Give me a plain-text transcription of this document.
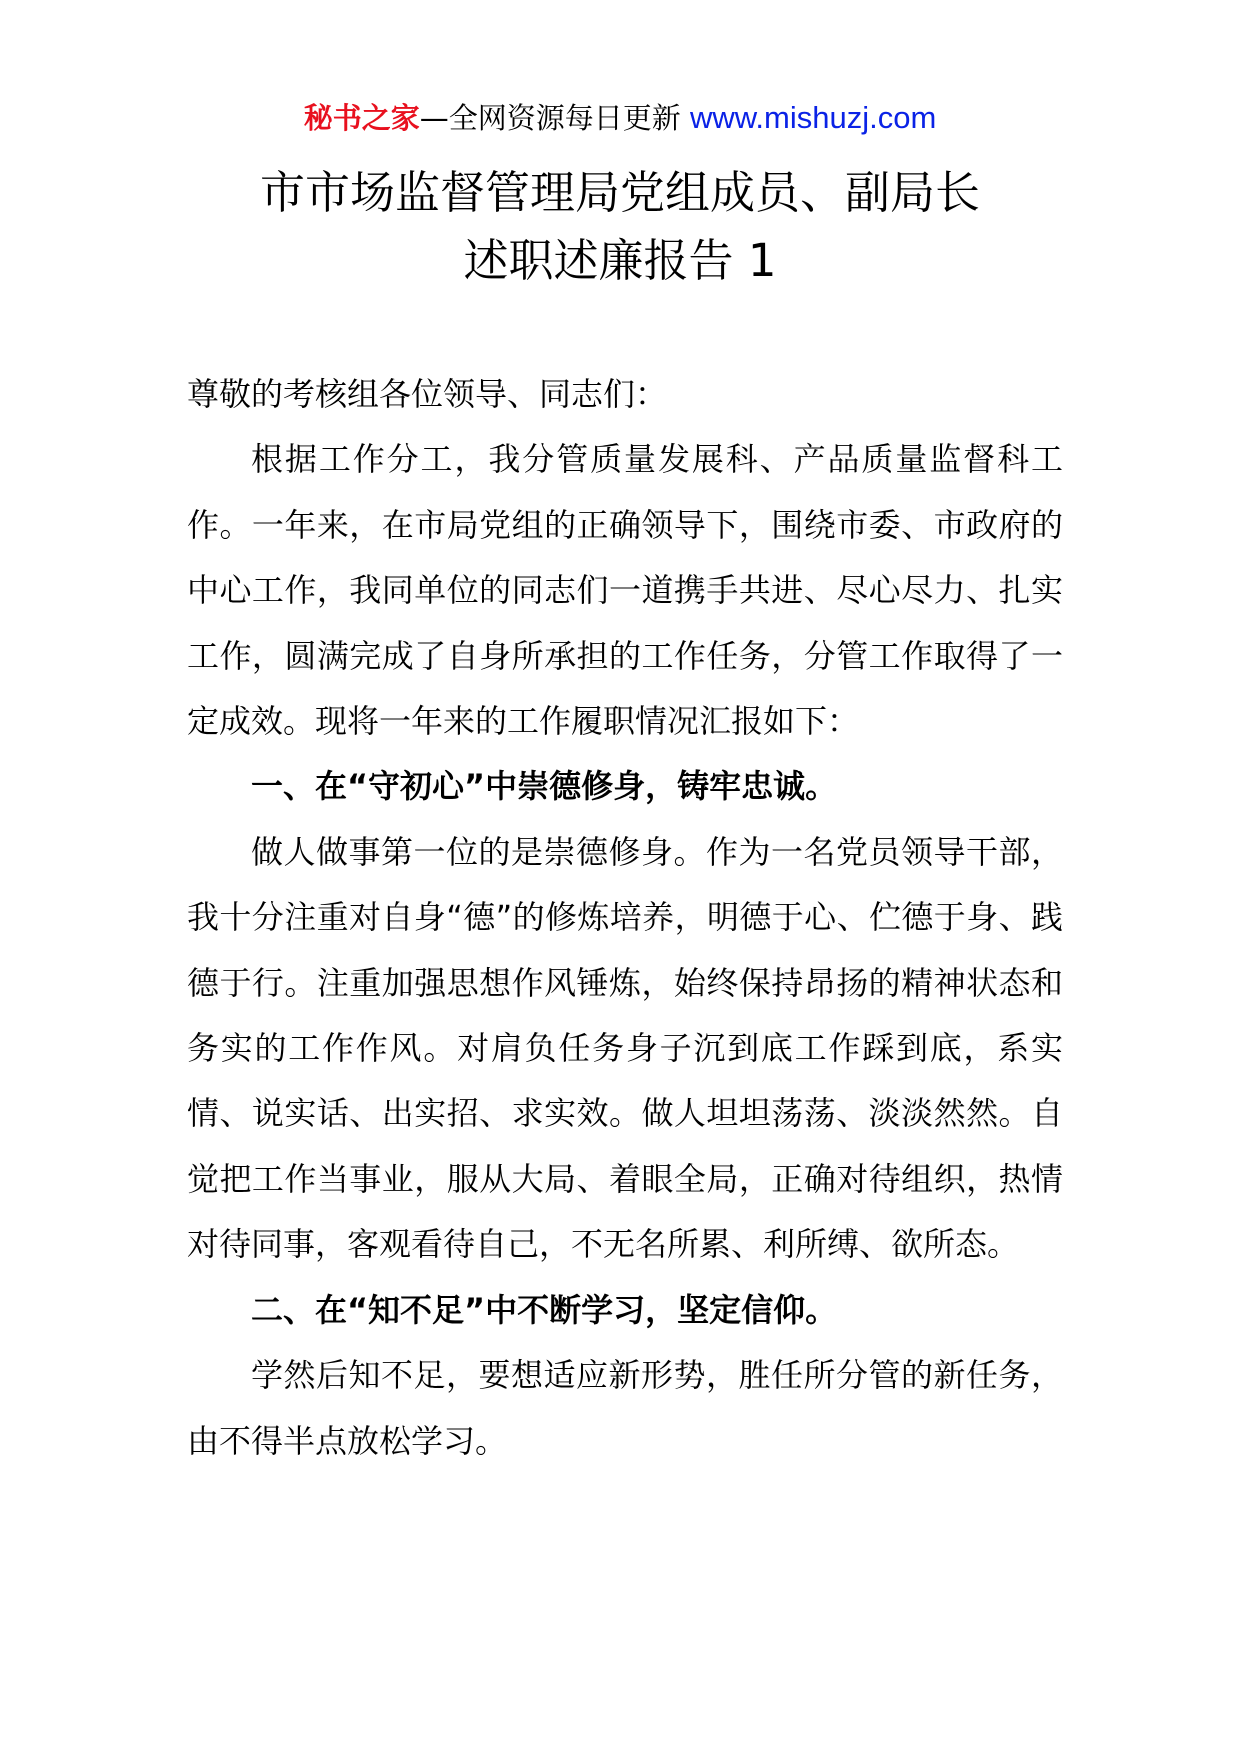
秘书之家—全网资源每日更新 www.mishuzj.com
市市场监督管理局党组成员、副局长
述职述廉报告 1

尊敬的考核组各位领导、同志们：

根据工作分工，我分管质量发展科、产品质量监督科工作。一年来，在市局党组的正确领导下，围绕市委、市政府的中心工作，我同单位的同志们一道携手共进、尽心尽力、扎实工作，圆满完成了自身所承担的工作任务，分管工作取得了一定成效。现将一年来的工作履职情况汇报如下：

一、在“守初心”中崇德修身，铸牢忠诚。

做人做事第一位的是崇德修身。作为一名党员领导干部，我十分注重对自身“德”的修炼培养，明德于心、伫德于身、践德于行。注重加强思想作风锤炼，始终保持昂扬的精神状态和务实的工作作风。对肩负任务身子沉到底工作踩到底，系实情、说实话、出实招、求实效。做人坦坦荡荡、淡淡然然。自觉把工作当事业，服从大局、着眼全局，正确对待组织，热情对待同事，客观看待自己，不无名所累、利所缚、欲所态。

二、在“知不足”中不断学习，坚定信仰。

学然后知不足，要想适应新形势，胜任所分管的新任务，由不得半点放松学习。
